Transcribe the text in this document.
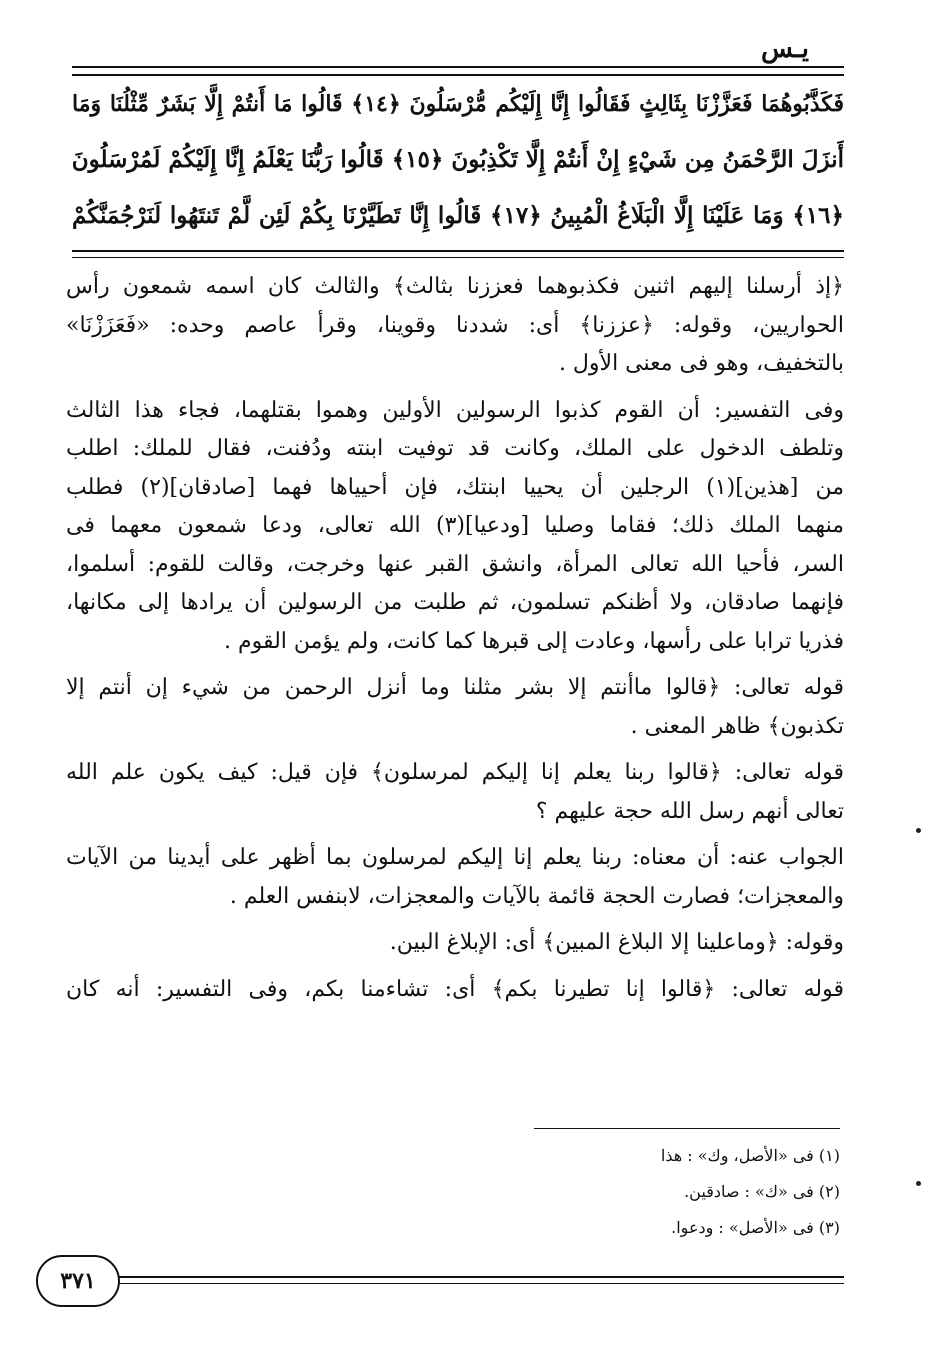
يـس
فَكَذَّبُوهُمَا فَعَزَّزْنَا بِثَالِثٍ فَقَالُوا إِنَّا إِلَيْكُم مُّرْسَلُونَ ﴿١٤﴾ قَالُوا مَا أَنتُمْ إِلَّا بَشَرٌ مِّثْلُنَا وَمَا
أَنزَلَ الرَّحْمَنُ مِن شَيْءٍ إِنْ أَنتُمْ إِلَّا تَكْذِبُونَ ﴿١٥﴾ قَالُوا رَبُّنَا يَعْلَمُ إِنَّا إِلَيْكُمْ لَمُرْسَلُونَ
﴿١٦﴾ وَمَا عَلَيْنَا إِلَّا الْبَلَاغُ الْمُبِينُ ﴿١٧﴾ قَالُوا إِنَّا تَطَيَّرْنَا بِكُمْ لَئِن لَّمْ تَنتَهُوا لَنَرْجُمَنَّكُمْ
﴿إذ أرسلنا إليهم اثنين فكذبوهما فعززنا بثالث﴾ والثالث كان اسمه شمعون رأس
الحواريين، وقوله: ﴿عززنا﴾ أى: شددنا وقوينا، وقرأ عاصم وحده: «فَعَزَزْنَا»
بالتخفيف، وهو فى معنى الأول .
وفى التفسير: أن القوم كذبوا الرسولين الأولين وهموا بقتلهما، فجاء هذا الثالث
وتلطف الدخول على الملك، وكانت قد توفيت ابنته ودُفنت، فقال للملك: اطلب
من [هذين](١) الرجلين أن يحييا ابنتك، فإن أحيياها فهما [صادقان](٢) فطلب
منهما الملك ذلك؛ فقاما وصليا [ودعيا](٣) الله تعالى، ودعا شمعون معهما فى
السر، فأحيا الله تعالى المرأة، وانشق القبر عنها وخرجت، وقالت للقوم: أسلموا،
فإنهما صادقان، ولا أظنكم تسلمون، ثم طلبت من الرسولين أن يرادها إلى مكانها،
فذريا ترابا على رأسها، وعادت إلى قبرها كما كانت، ولم يؤمن القوم .
قوله تعالى: ﴿قالوا ماأنتم إلا بشر مثلنا وما أنزل الرحمن من شيء إن أنتم إلا
تكذبون﴾ ظاهر المعنى .
قوله تعالى: ﴿قالوا ربنا يعلم إنا إليكم لمرسلون﴾ فإن قيل: كيف يكون علم الله
تعالى أنهم رسل الله حجة عليهم ؟
الجواب عنه: أن معناه: ربنا يعلم إنا إليكم لمرسلون بما أظهر على أيدينا من الآيات
والمعجزات؛ فصارت الحجة قائمة بالآيات والمعجزات، لابنفس العلم .
وقوله: ﴿وماعلينا إلا البلاغ المبين﴾ أى: الإبلاغ البين.
قوله تعالى: ﴿قالوا إنا تطيرنا بكم﴾ أى: تشاءمنا بكم، وفى التفسير: أنه كان
(١) فى «الأصل، وك» : هذا
(٢) فى «ك» : صادقين.
(٣) فى «الأصل» : ودعوا.
٣٧١
